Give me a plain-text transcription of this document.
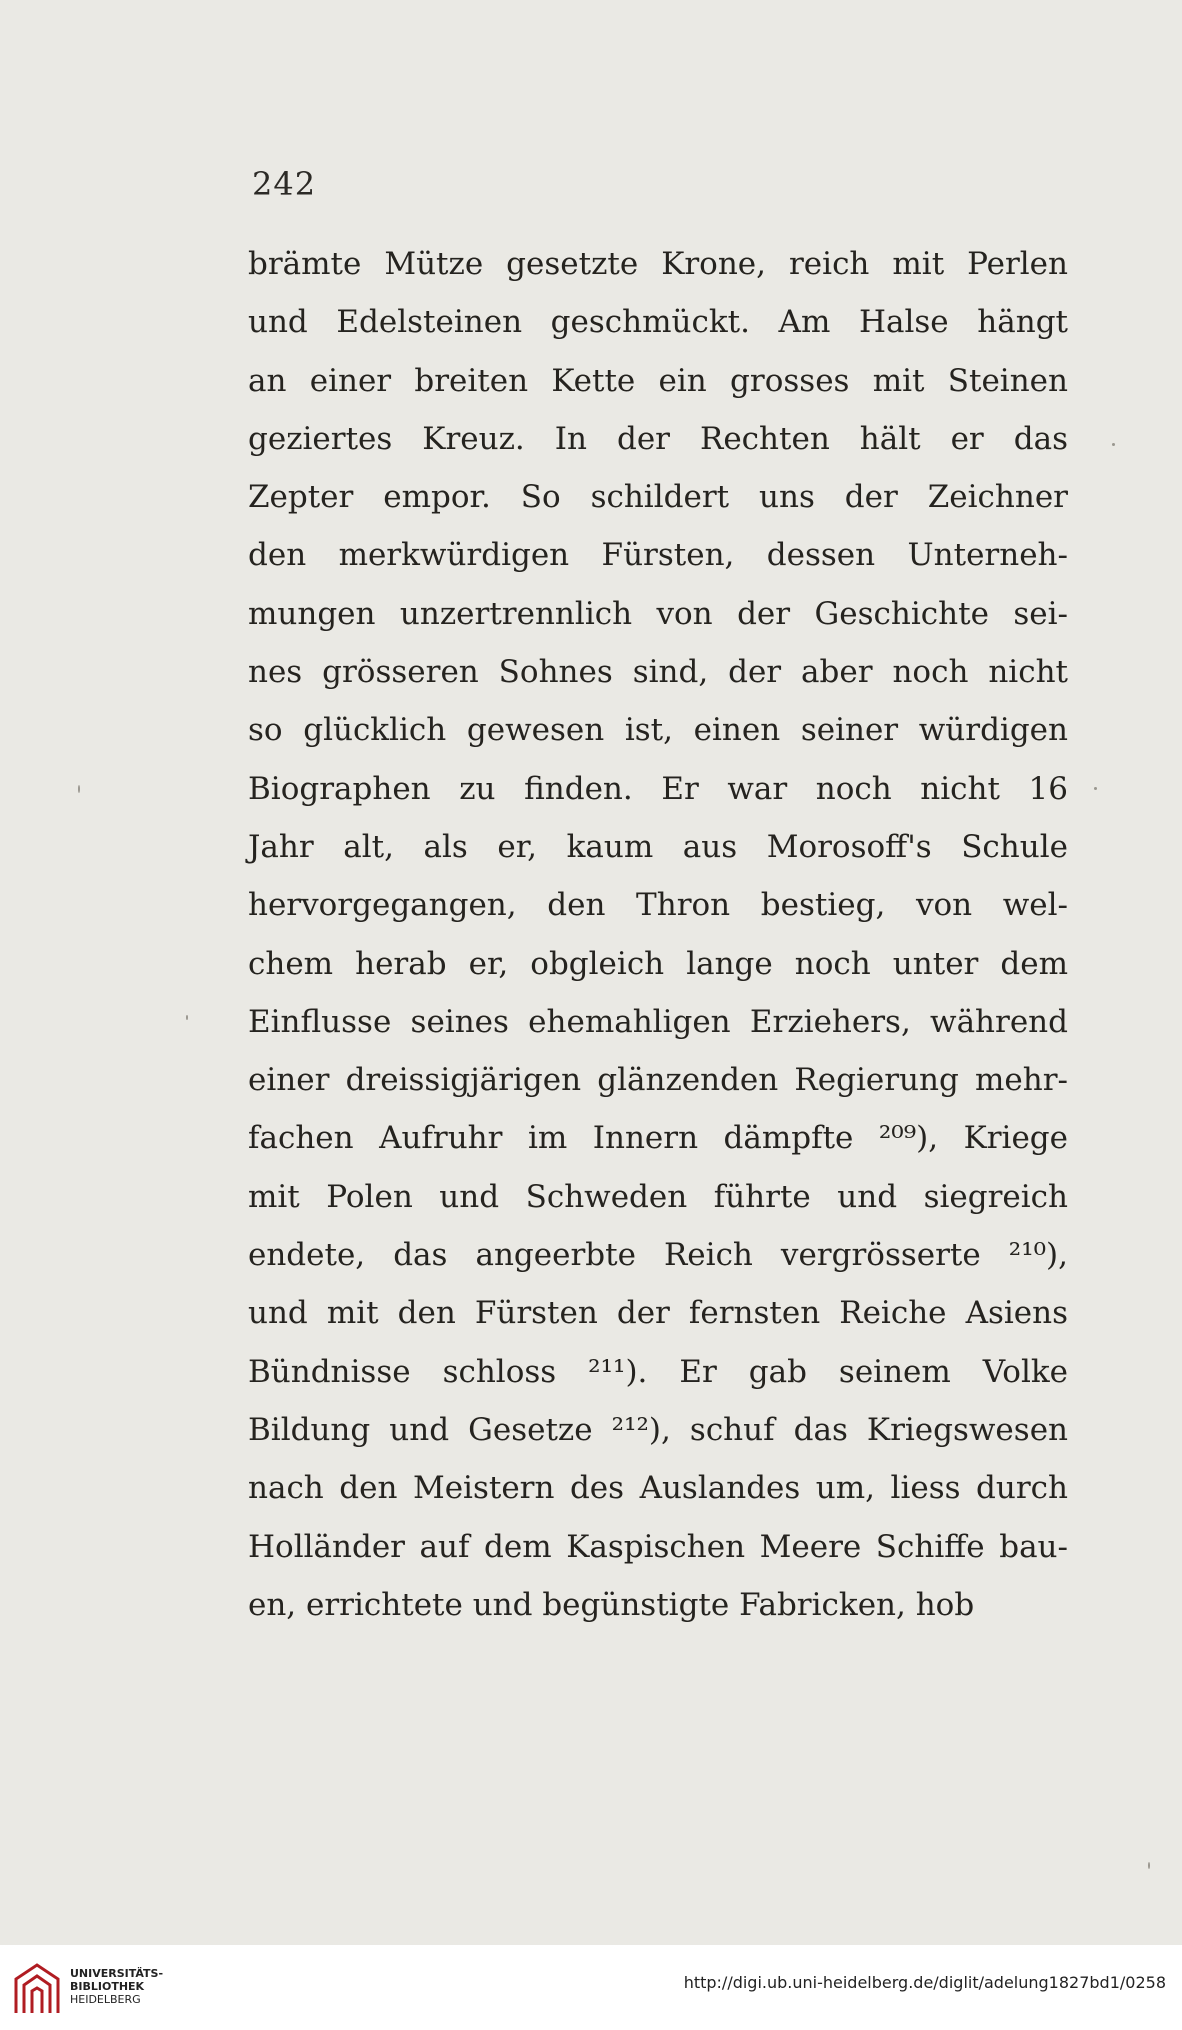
242
brämte Mütze gesetzte Krone, reich mit Perlen
und Edelsteinen geschmückt. Am Halse hängt
an einer breiten Kette ein grosses mit Steinen
geziertes Kreuz. In der Rechten hält er das
Zepter empor. So schildert uns der Zeichner
den merkwürdigen Fürsten, dessen Unterneh-
mungen unzertrennlich von der Geschichte sei-
nes grösseren Sohnes sind, der aber noch nicht
so glücklich gewesen ist, einen seiner würdigen
Biographen zu finden. Er war noch nicht 16
Jahr alt, als er, kaum aus Morosoff's Schule
hervorgegangen, den Thron bestieg, von wel-
chem herab er, obgleich lange noch unter dem
Einflusse seines ehemahligen Erziehers, während
einer dreissigjärigen glänzenden Regierung mehr-
fachen Aufruhr im Innern dämpfte ²⁰⁹), Kriege
mit Polen und Schweden führte und siegreich
endete, das angeerbte Reich vergrösserte ²¹⁰),
und mit den Fürsten der fernsten Reiche Asiens
Bündnisse schloss ²¹¹). Er gab seinem Volke
Bildung und Gesetze ²¹²), schuf das Kriegswesen
nach den Meistern des Auslandes um, liess durch
Holländer auf dem Kaspischen Meere Schiffe bau-
en, errichtete und begünstigte Fabricken, hob
UNIVERSITÄTS-
BIBLIOTHEK
HEIDELBERG
http://digi.ub.uni-heidelberg.de/diglit/adelung1827bd1/0258
